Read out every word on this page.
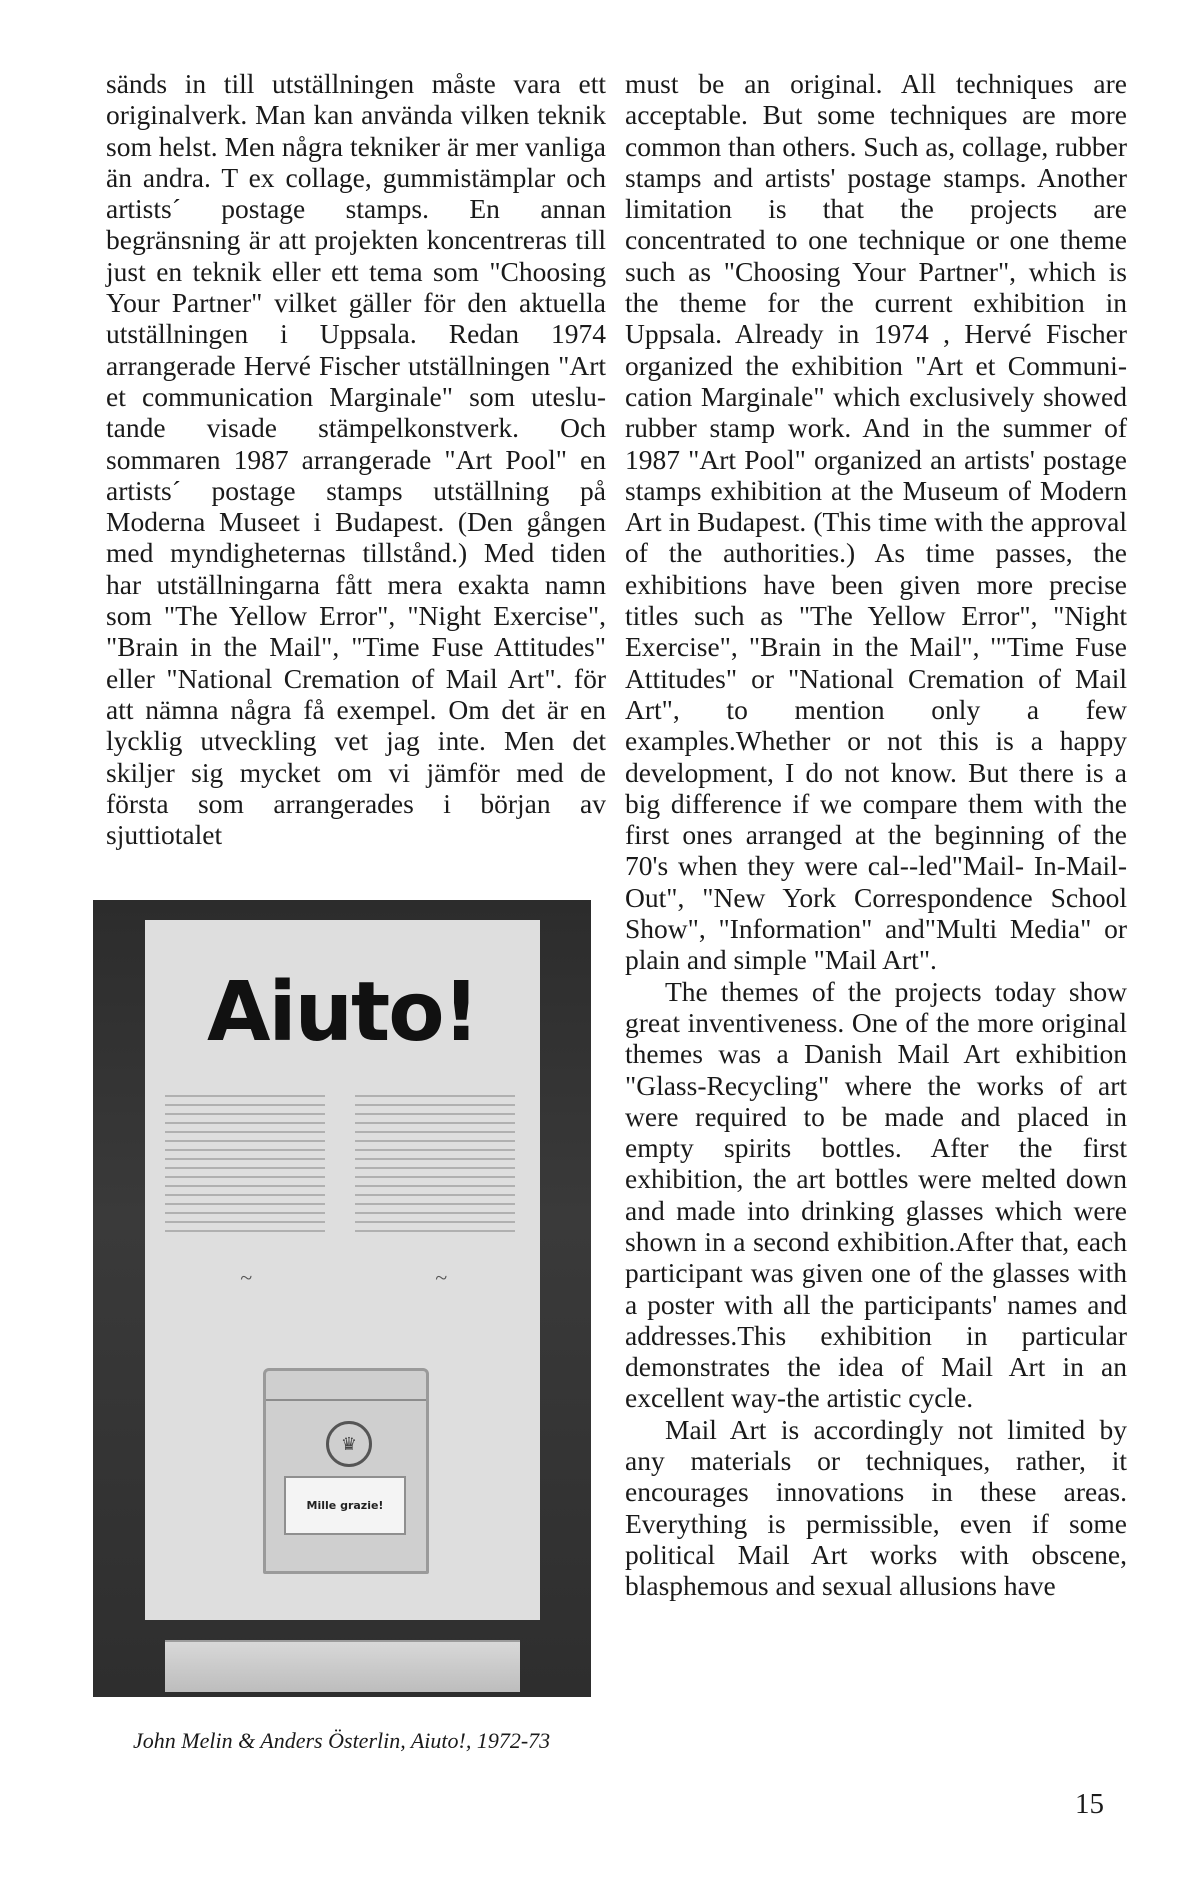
sänds in till utställningen måste vara ett originalverk. Man kan använda vilken teknik som helst. Men några tekniker är mer vanliga än andra. T ex collage, gummistämplar och artists´ postage stamps. En annan begränsning är att projekten koncentreras till just en teknik eller ett tema som "Choosing Your Partner" vilket gäller för den aktuella utställningen i Uppsala. Redan 1974 arrangerade Hervé Fischer utställningen "Art et communication Marginale" som uteslutande visade stämpelkonstverk. Och sommaren 1987 arrangerade "Art Pool" en artists´ postage stamps utställning på Moderna Museet i Budapest. (Den gången med myndigheternas tillstånd.) Med tiden har utställningarna fått mera exakta namn som "The Yellow Error", "Night Exercise", "Brain in the Mail", "Time Fuse Attitudes" eller "National Cremation of Mail Art". för att nämna några få exempel. Om det är en lycklig utveckling vet jag inte. Men det skiljer sig mycket om vi jämför med de första som arrangerades i början av sjuttiotalet

Aiuto!
~	~
♛
Mille grazie!
John Melin & Anders Österlin, Aiuto!, 1972-73

must be an original. All techniques are acceptable. But some techniques are more common than others. Such as, collage, rubber stamps and artists' postage stamps. Another limitation is that the projects are concentrated to one technique or one theme such as "Choosing Your Partner", which is the theme for the current exhibition in Uppsala. Already in 1974 , Hervé Fischer organized the exhibition "Art et Communication Marginale" which exclusively showed rubber stamp work. And in the summer of 1987 "Art Pool" organized an artists' postage stamps exhibition at the Museum of Modern Art in Budapest. (This time with the approval of the authorities.) As time passes, the exhibitions have been given more precise titles such as "The Yellow Error", "Night Exercise", "Brain in the Mail", '"Time Fuse Attitudes" or "National Cremation of Mail Art", to mention only a few examples.Whether or not this is a happy development, I do not know. But there is a big difference if we compare them with the first ones arranged at the beginning of the 70's when they were cal--led"Mail- In-Mail-Out", "New York Correspondence School Show", "Information" and"Multi Media" or plain and simple "Mail Art".

The themes of the projects today show great inventiveness. One of the more original themes was a Danish Mail Art exhibition "Glass-Recycling" where the works of art were required to be made and placed in empty spirits bottles. After the first exhibition, the art bottles were melted down and made into drinking glasses which were shown in a second exhibition.After that, each participant was given one of the glasses with a poster with all the participants' names and addresses.This exhibition in particular demonstrates the idea of Mail Art in an excellent way-the artistic cycle.

Mail Art is accordingly not limited by any materials or techniques, rather, it encourages innovations in these areas. Everything is permissible, even if some political Mail Art works with obscene, blasphemous and sexual allusions have

15
